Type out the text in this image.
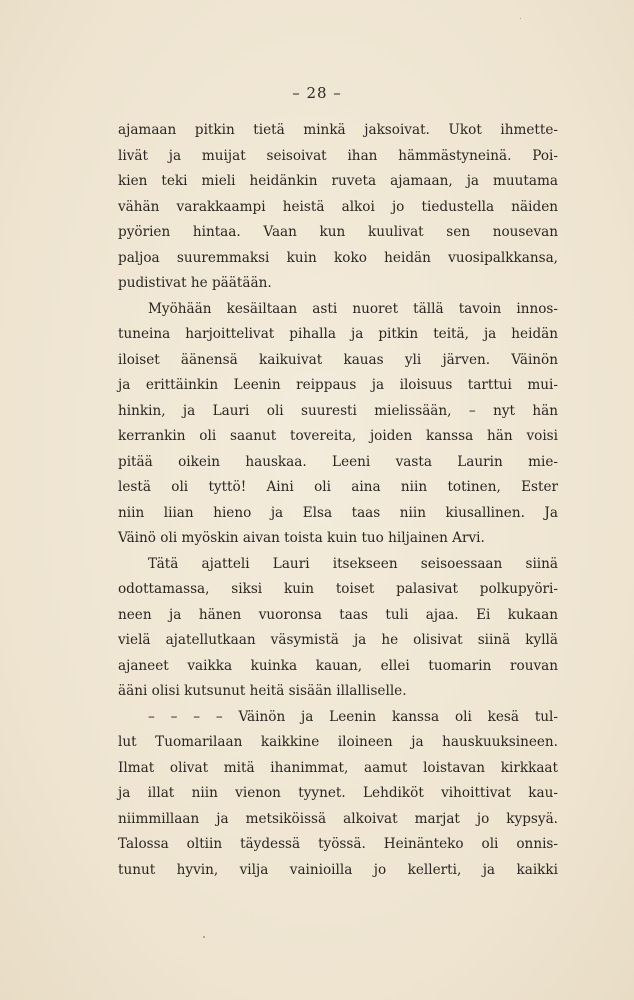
– 28 –
ajamaan pitkin tietä minkä jaksoivat. Ukot ihmette-
livät ja muijat seisoivat ihan hämmästyneinä. Poi-
kien teki mieli heidänkin ruveta ajamaan, ja muutama
vähän varakkaampi heistä alkoi jo tiedustella näiden
pyörien hintaa. Vaan kun kuulivat sen nousevan
paljoa suuremmaksi kuin koko heidän vuosipalkkansa,
pudistivat he päätään.
Myöhään kesäiltaan asti nuoret tällä tavoin innos-
tuneina harjoittelivat pihalla ja pitkin teitä, ja heidän
iloiset äänensä kaikuivat kauas yli järven. Väinön
ja erittäinkin Leenin reippaus ja iloisuus tarttui mui-
hinkin, ja Lauri oli suuresti mielissään, – nyt hän
kerrankin oli saanut tovereita, joiden kanssa hän voisi
pitää oikein hauskaa. Leeni vasta Laurin mie-
lestä oli tyttö! Aini oli aina niin totinen, Ester
niin liian hieno ja Elsa taas niin kiusallinen. Ja
Väinö oli myöskin aivan toista kuin tuo hiljainen Arvi.
Tätä ajatteli Lauri itsekseen seisoessaan siinä
odottamassa, siksi kuin toiset palasivat polkupyöri-
neen ja hänen vuoronsa taas tuli ajaa. Ei kukaan
vielä ajatellutkaan väsymistä ja he olisivat siinä kyllä
ajaneet vaikka kuinka kauan, ellei tuomarin rouvan
ääni olisi kutsunut heitä sisään illalliselle.
– – – – Väinön ja Leenin kanssa oli kesä tul-
lut Tuomarilaan kaikkine iloineen ja hauskuuksineen.
Ilmat olivat mitä ihanimmat, aamut loistavan kirkkaat
ja illat niin vienon tyynet. Lehdiköt vihoittivat kau-
niimmillaan ja metsiköissä alkoivat marjat jo kypsyä.
Talossa oltiin täydessä työssä. Heinänteko oli onnis-
tunut hyvin, vilja vainioilla jo kellerti, ja kaikki
